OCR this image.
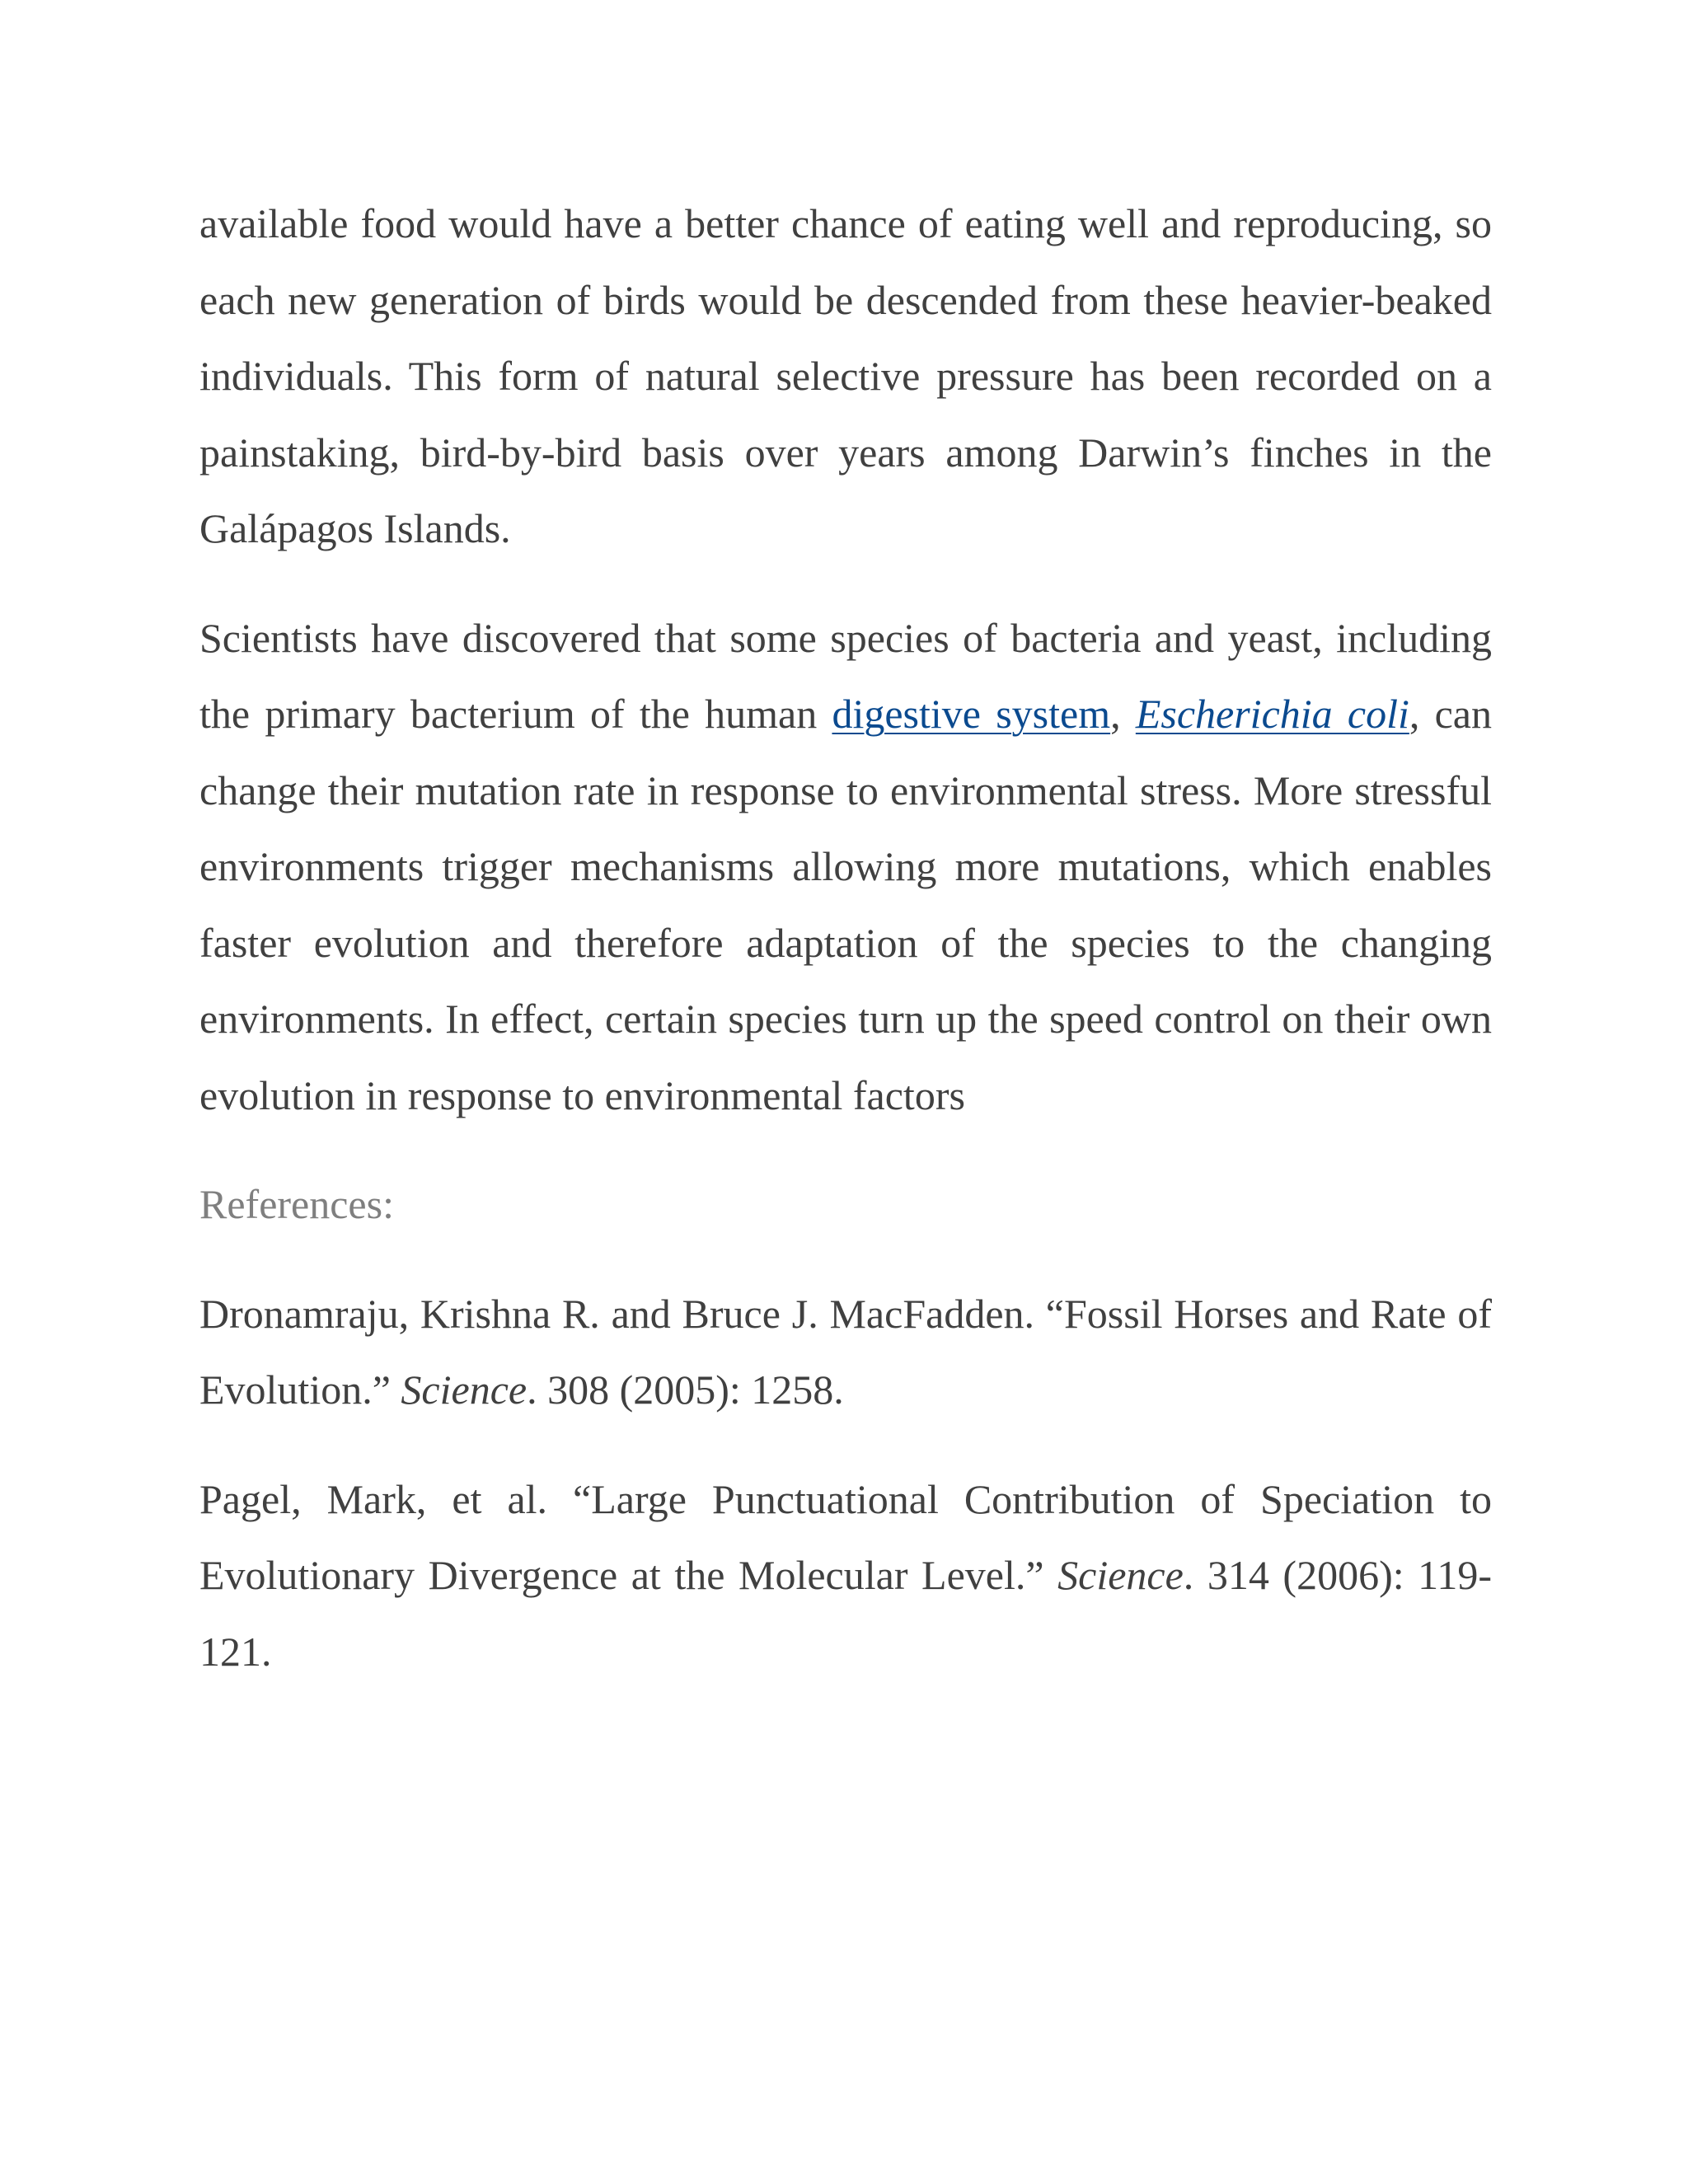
available food would have a better chance of eating well and reproducing, so each new generation of birds would be descended from these heavier-beaked individuals. This form of natural selective pressure has been recorded on a painstaking, bird-by-bird basis over years among Darwin’s finches in the Galápagos Islands.

Scientists have discovered that some species of bacteria and yeast, including the primary bacterium of the human digestive system, Escherichia coli, can change their mutation rate in response to environmental stress. More stressful environments trigger mechanisms allowing more mutations, which enables faster evolution and therefore adaptation of the species to the changing environments. In effect, certain species turn up the speed control on their own evolution in response to environmental factors

References:

Dronamraju, Krishna R. and Bruce J. MacFadden. “Fossil Horses and Rate of Evolution.” Science. 308 (2005): 1258.

Pagel, Mark, et al. “Large Punctuational Contribution of Speciation to Evolutionary Divergence at the Molecular Level.” Science. 314 (2006): 119-121.
